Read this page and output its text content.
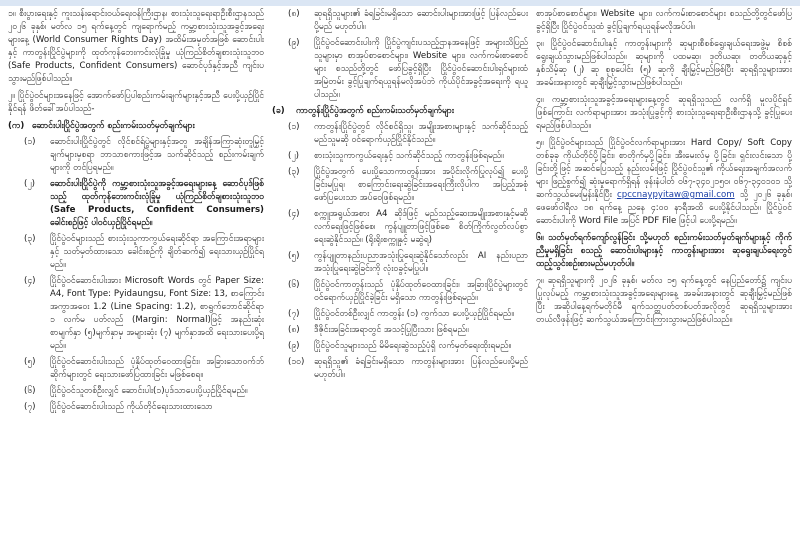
၁။ စီးပွားရေးနှင့် ကူးသန်းရောင်းဝယ်ရေးဝန်ကြီးဌာန၊ စားသုံးသူရေးရာဦးစီးဌာနသည် ၂၀၂၆ ခုနှစ်၊ မတ်လ ၁၅ ရက်နေ့တွင် ကျရောက်မည့် ကမ္ဘာ့စားသုံးသူအခွင့်အရေးများနေ့ (World Consumer Rights Day) အထိမ်းအမှတ်အဖြစ် ဆောင်းပါးနှင့် ကာတွန်းပြိုင်ပွဲများကို ထုတ်ကုန်ဘေးကင်းလုံခြုံမှု ယုံကြည်စိတ်ချစားသုံးသူဘဝ (Safe Products, Confident Consumers) ဆောင်ပုဒ်နှင့်အညီ ကျင်းပသွားမည်ဖြစ်ပါသည်။

၂။ ပြိုင်ပွဲဝင်များအနေဖြင့် အောက်ဖော်ပြပါစည်းကမ်းချက်များနှင့်အညီ ပေးပို့ယှဉ်ပြိုင်နိုင်ရန် ဖိတ်ခေါ်အပ်ပါသည်-

(က) ဆောင်းပါးပြိုင်ပွဲအတွက် စည်းကမ်းသတ်မှတ်ချက်များ
(၁)	ဆောင်းပါးပြိုင်ပွဲတွင် လိုင်စင်ရ်ပွဲများနှင့်အတူ အချိန်အကြာဆုံးတူမြှင့်ချက်များမှစရာ ဘာသာစကားဖြင့်အ သက်ဆိုင်သည့် စည်းကမ်းချက်များကို တင်ပြရမည်။
(၂)	ဆောင်းပါးပြိုင်ပွဲကို ကမ္ဘာ့စားသုံးသူအခွင့်အရေးများနေ့ ဆောင်ပုဒ်ဖြစ်သည့် ထုတ်ကုန်ဘေးကင်းလုံခြုံမှု ယုံကြည်စိတ်ချစားသုံးသူဘဝ (Safe Products, Confident Consumers) ခေါင်းစဉ်ဖြင့် ပါဝင်ယှဉ်ပြိုင်ရမည်။
(၃)	ပြိုင်ပွဲဝင်များသည် စားသုံးသူကာကွယ်ရေးဆိုင်ရာ အကြောင်းအရာများနှင့် သတ်မှတ်ထားသော ခေါင်းစဉ်ကို ချိတ်ဆက်၍ ရေးသားယှဉ်ပြိုင်ရမည်။
(၄)	ပြိုင်ပွဲဝင်ဆောင်းပါးအား Microsoft Words တွင် Paper Size: A4, Font Type: Pyidaungsu, Font Size: 13, စာကြောင်းအကွာအဝေး 1.2 (Line Spacing: 1.2), စာရွက်ဘောင်ဆိုင်ရာ ၁ လက်မ ပတ်လည် (Margin: Normal)ဖြင့် အနည်းဆုံးစာမျက်နှာ (၅)မျက်နှာမှ အများဆုံး (၇) မျက်နှာအထိ ရေးသားပေးပို့ရမည်။
(၅)	ပြိုင်ပွဲဝင်ဆောင်းပါးသည် ပုံနှိပ်ထုတ်ဝေထားခြင်း၊ အခြားသောဝက်ဘ်ဆိုက်များတွင် ရေးသားဖော်ပြထားခြင်း မဖြစ်စေရ။
(၆)	ပြိုင်ပွဲဝင်သူတစ်ဦးလျှင် ဆောင်းပါး(၁)ပုဒ်သာပေးပို့ယှဉ်ပြိုင်ရမည်။
(၇)	ပြိုင်ပွဲဝင်ဆောင်းပါးသည် ကိုယ်တိုင်ရေးသားထားသော
(၈)	ဆုရရှိသူများ၏ ခံရခြင်းမရှိသော ဆောင်းပါးများအားဖြင့် ပြန်လည်ပေးပို့မည် မဟုတ်ပါ။
(၉)	ပြိုင်ပွဲဝင်ဆောင်းပါးကို ပြိုင်ပွဲကျင်းပသည့်ဌာနအနေဖြင့် အများသိပြည်သူများမှာ စာအုပ်စာစောင်များ၊ Website များ၊ လက်ကမ်းစာစောင်များ စသည်တို့တွင် ဖော်ပြခွင့်ရှိပြီး ပြိုင်ပွဲဝင်ဆောင်းပါးရှင်များထံ အမြဲတမ်း ခွင့်ပြုချက်ရယူရန်မလိုအပ်ဘဲ ကိုယ်ပိုင်အခွင့်အရေးကို ရယူပါသည်။
(ခ)	ကာတွန်းပြိုင်ပွဲအတွက် စည်းကမ်းသတ်မှတ်ချက်များ
(၁)	ကာတွန်းပြိုင်ပွဲတွင် လိုင်စင်ရှိသူ၊ အမျိုးအစားများနှင့် သက်ဆိုင်သည့် မည်သူမဆို ဝင်ရောက်ယှဉ်ပြိုင်နိုင်သည်။
(၂)	စားသုံးသူကာကွယ်ရေးနှင့် သက်ဆိုင်သည့် ကာတွန်းဖြစ်ရမည်။
(၃)	ပြိုင်ပွဲအတွက် ပေးပို့သောကာတွန်းအား အပိုင်းလိုက်ပြုလုပ်၍ ပေးပို့ခြင်းမပြုရ၊ စာကြောင်းရေးဆွဲခြင်းအရေးကြီးလိုပါက အပြည့်အစုံ ဖော်ပြပေးသာ အပ်ဝေဖြစ်ရမည်။
(၄)	စက္ကူအရွယ်အစား A4 ဆိုဒ်ဖြင့် မည်သည့်ဆေးအမျိုးအစားနှင့်မဆို လက်ရေးဖြင့်ဖြစ်စေ၊ ကွန်ပျူတာဖြင့်ဖြစ်စေ စိတ်ကြိုက်လွတ်လပ်စွာ ရေးဆွဲနိုင်သည်။ (ရိုးရိုးစက္ကူနှင့် မဆွဲရ)
(၅)	ကွန်ပျူတာနည်းပညာအသုံးပြုရေးဆွဲနိုင်သော်လည်း AI နည်းပညာအသုံးပြုရေးဆွဲခြင်းကို လုံးဝခွင့်မပြုပါ။
(၆)	ပြိုင်ပွဲဝင်ကာတွန်းသည် ပုံနှိပ်ထုတ်ဝေထားခြင်း၊ အခြားပြိုင်ပွဲများတွင် ဝင်ရောက်ယှဉ်ပြိုင်ခဲ့ခြင်း မရှိသော ကာတွန်းဖြစ်ရမည်။
(၇)	ပြိုင်ပွဲဝင်တစ်ဦးလျှင် ကာတွန်း (၁) ကွက်သာ ပေးပို့ယှဉ်ပြိုင်ရမည်။
(၈)	ဒီဇိုင်းအခြင်းအရာတွင် အသင့်ပြုပြီးသား ဖြစ်ရမည်။
(၉)	ပြိုင်ပွဲဝင်သူများသည် မိမိရေးဆွဲသည့်ပုံရှိ လက်မှတ်ရေးထိုးရမည်။
(၁၀)	ဆုရရှိသူ၏ ခံရခြင်းမရှိသော ကာတွန်းများအား ပြန်လည်ပေးပို့မည်မဟုတ်ပါ။

စာအုပ်စာစောင်များ၊ Website များ၊ လက်ကမ်းစာစောင်များ စသည်တို့တွင်ဖော်ပြခွင့်ရှိပြီး ပြိုင်ပွဲဝင်သူထံ ခွင့်ပြုချက်ရယူရန်မလိုအပ်ပါ။

၃။ ပြိုင်ပွဲဝင်ဆောင်းပါးနှင့် ကာတွန်းများကို ဆုများစီစစ်ရွေးချယ်ရေးအဖွဲ့မှ စိစစ်ရွေးချယ်သွားမည်ဖြစ်ပါသည်။ ဆုများကို ပထမဆု၊ ဒုတိယဆု၊ တတိယဆုနှင့် နှစ်သိမ့်ဆု (၂) ဆု စုစုပေါင်း (၅) ဆုကို ချီးမြှင့်မည်ဖြစ်ပြီး ဆုရရှိသူများအား အခမ်းအနားတွင် ဆုချီးမြှင့်သွားမည်ဖြစ်ပါသည်။

၄။ ကမ္ဘာ့စားသုံးသူအခွင့်အရေးများနေ့တွင် ဆုရရှိသူသည် လက်ရှိ မူလပိုင်ရှင်ဖြစ်ကြောင်း လက်ရာများအား အသုံးပြုခွင့်ကို စားသုံးသူရေးရာဦးစီးဌာနသို့ ခွင့်ပြုပေးရမည်ဖြစ်ပါသည်။

၅။ ပြိုင်ပွဲဝင်များသည် ပြိုင်ပွဲဝင်လက်ရာများအား Hard Copy/ Soft Copy တစ်ခုခု ကိုယ်တိုင်ပို့ခြင်း၊ စာတိုက်မှပို့ခြင်း၊ အီးမေးလ်မှ ပို့ခြင်း၊ ရှင်းလင်းသော ပို့ခြင်းတို့ဖြင့် အဆင်ပြေသည့် နည်းလမ်းဖြင့် ပြိုင်ပွဲဝင်သူ၏ ကိုယ်ရေးအချက်အလက်များ ဖြည့်စွက်၍ ဆုံးမှုရောက်ရှိရန် ဖုန်းနံပါတ် ၀၆၇-၃၄၀၂၁၅၀၊ ၀၆၇-၃၄၀၁၀၁ သို့ဆက်သွယ်မေးမြန်းနိုင်ပြီး cpccnaypyitaw@gmail.com သို့ ၂၀၂၆ ခုနှစ်၊ ဖေဖော်ဝါရီလ ၁၈ ရက်နေ့ ညနေ ၄:၀၀ နာရီအထိ ပေးပို့နိုင်ပါသည်။ ပြိုင်ပွဲဝင်ဆောင်းပါးကို Word File အပြင် PDF File ဖြင့်ပါ ပေးပို့ရမည်။

၆။ သတ်မှတ်ရက်ကျော်လွန်ခြင်း သို့မဟုတ် စည်းကမ်းသတ်မှတ်ချက်များနှင့် ကိုက်ညီမှုမရှိခြင်း စသည့် ဆောင်းပါးများနှင့် ကာတွန်းများအား ဆုရွေးချယ်ရေးတွင် ထည့်သွင်းစဉ်းစားမည်မဟုတ်ပါ။

၇။ ဆုရရှိသူများကို ၂၀၂၆ ခုနှစ်၊ မတ်လ ၁၅ ရက်နေ့တွင် နေပြည်တော်၌ ကျင်းပပြုလုပ်မည့် ကမ္ဘာ့စားသုံးသူအခွင့်အရေးများနေ့ အခမ်းအနားတွင် ဆုချီးမြှင့်မည်ဖြစ်ပြီး အဆိုပါနေ့ရက်မတိုင်မီ ရက်သတ္တပတ်တစ်ပတ်အလိုတွင် ဆုရရှိသူများအား တယ်လီဖုန်းဖြင့် ဆက်သွယ်အကြောင်းကြားသွားမည်ဖြစ်ပါသည်။
